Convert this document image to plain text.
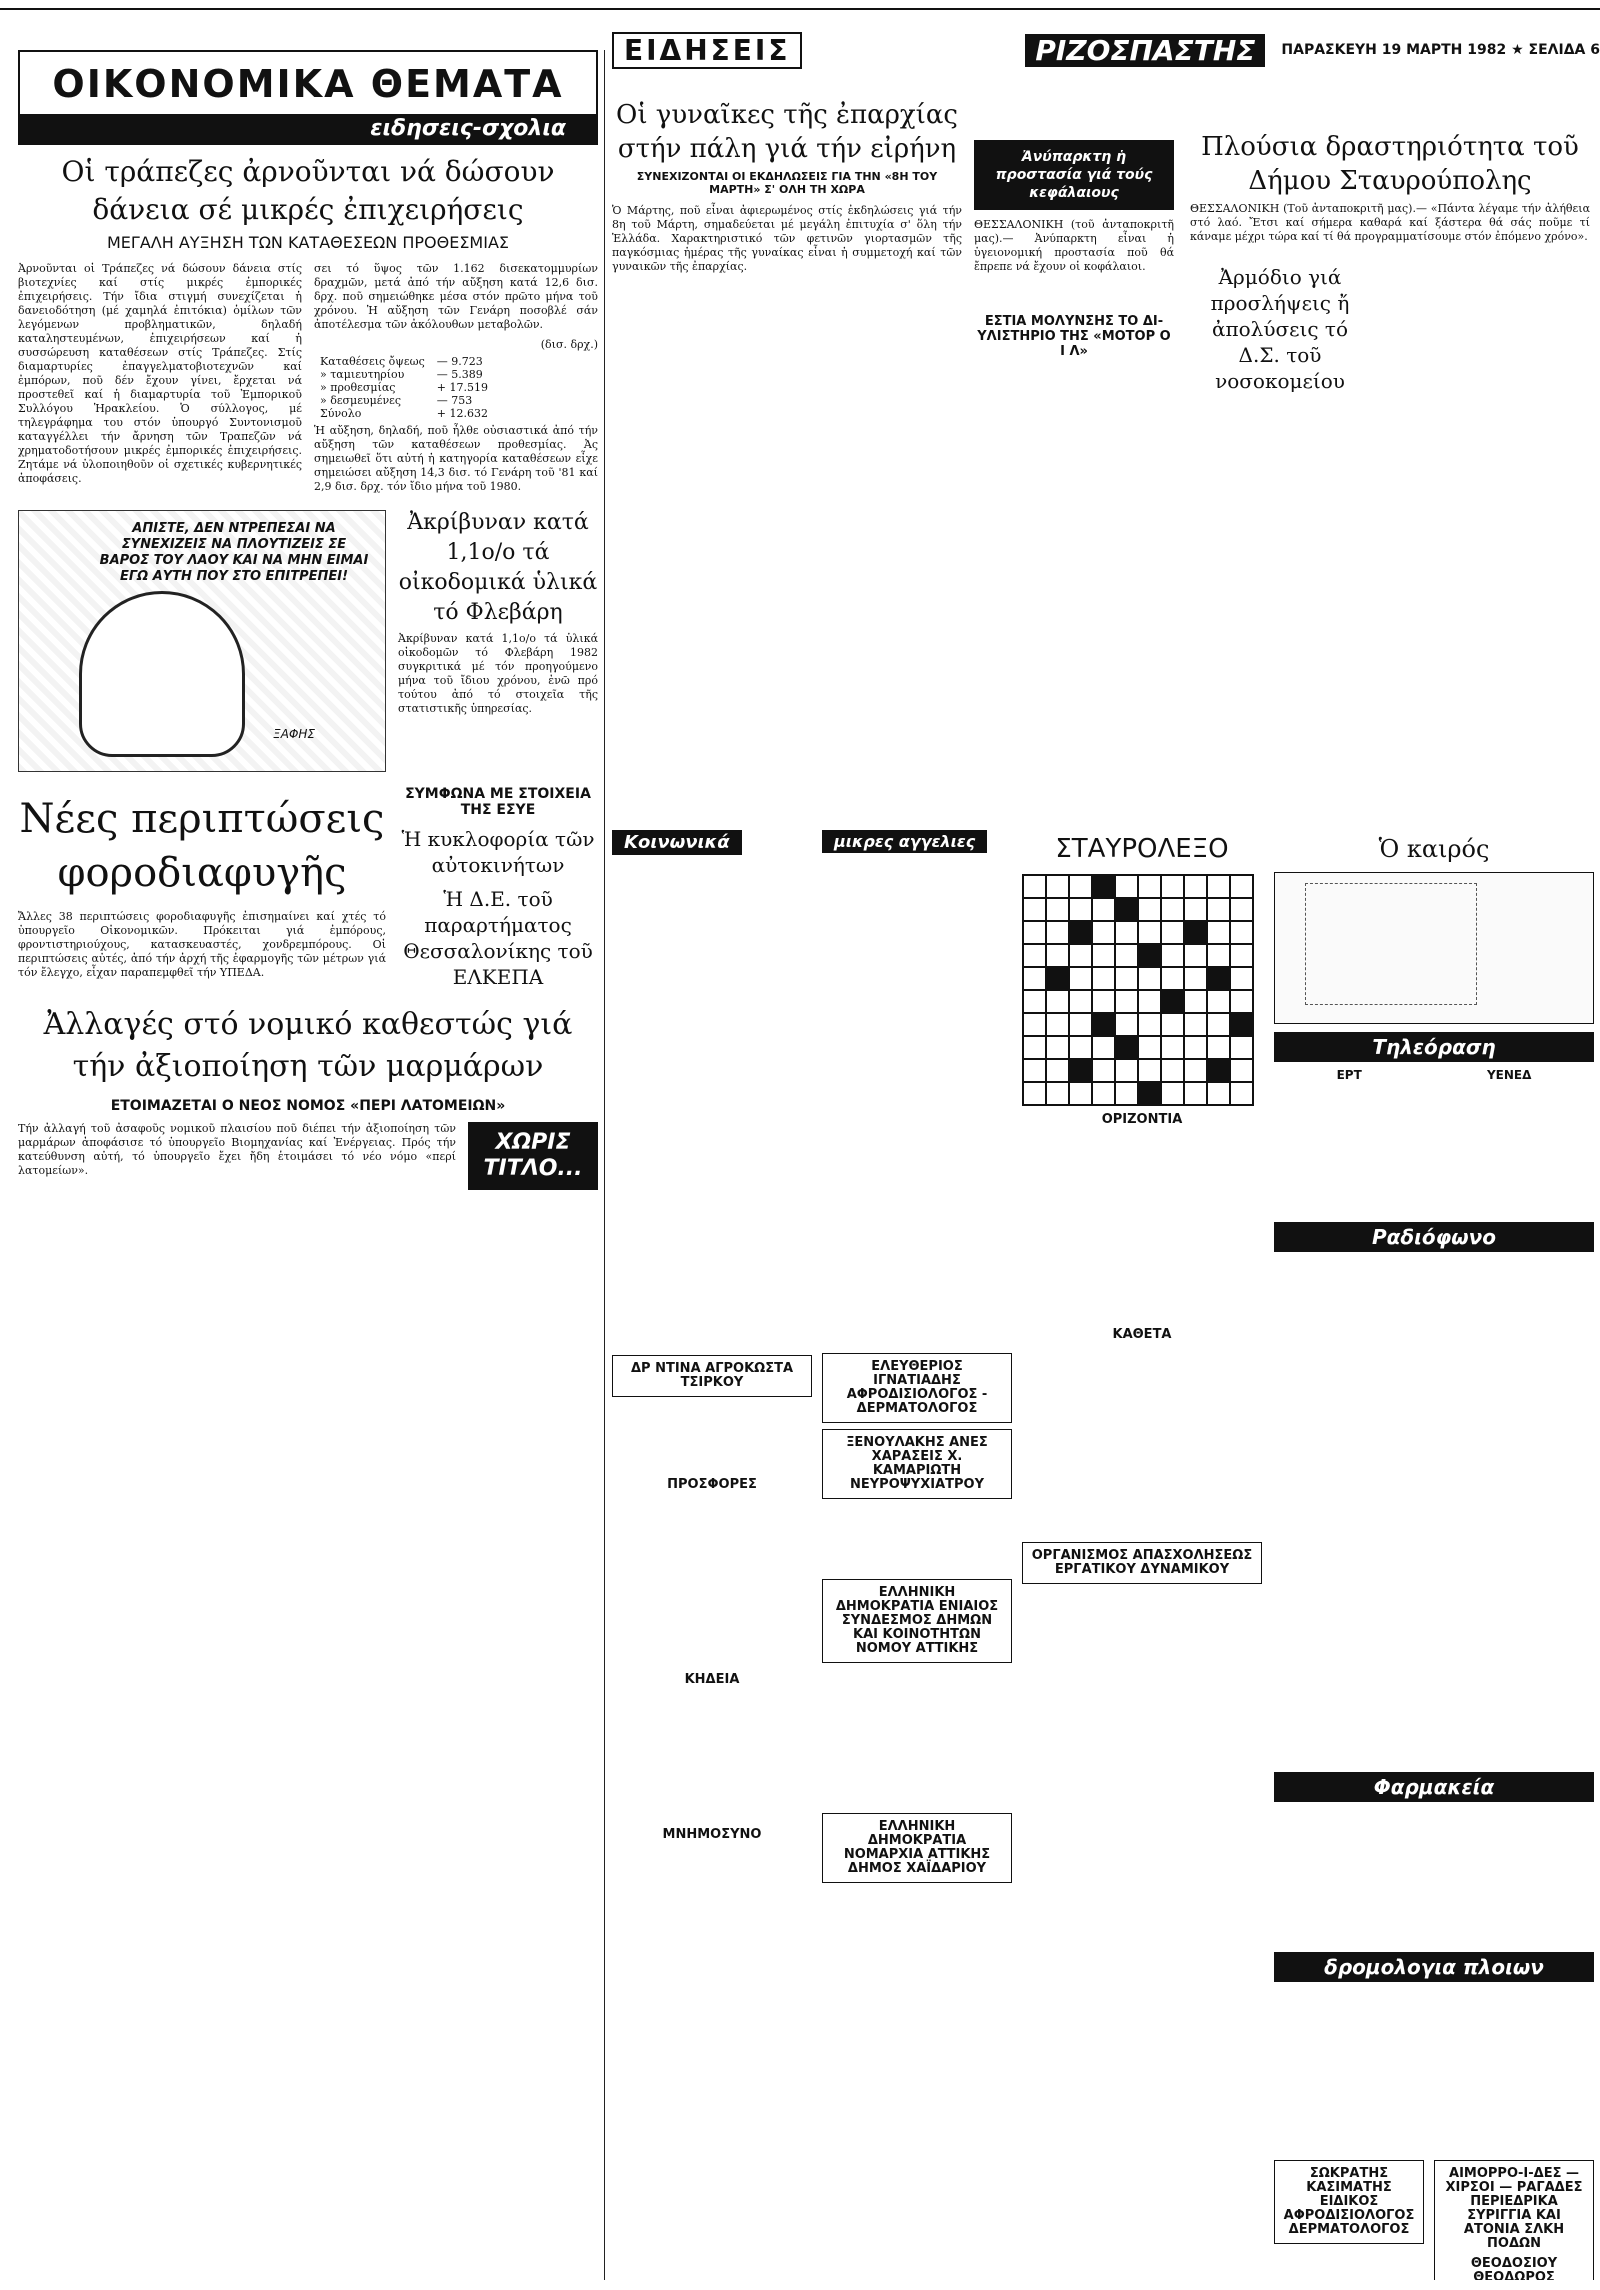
ΟΙΚΟΝΟΜΙΚΑ ΘΕΜΑΤΑ
ειδησεις-σχολια
Οἱ τράπεζες ἀρνοῦνται νά δώσουν δάνεια σέ μικρές ἐπιχειρήσεις
ΜΕΓΑΛΗ ΑΥΞΗΣΗ ΤΩΝ ΚΑΤΑΘΕΣΕΩΝ ΠΡΟΘΕΣΜΙΑΣ

Ἀρνοῦνται οἱ Τράπεζες νά δώσουν δάνεια στίς βιοτεχνίες καί στίς μικρές ἐμπορικές ἐπιχειρήσεις. Τήν ἴδια στιγμή συνεχίζεται ἡ δανειοδότηση (μέ χαμηλά ἐπιτόκια) ὁμίλων τῶν λεγόμενων προβληματικῶν, δηλαδή καταληστευμένων, ἐπιχειρήσεων καί ἡ συσσώρευση καταθέσεων στίς Τράπεζες. Στίς διαμαρτυρίες ἐπαγγελματοβιοτεχνῶν καί ἐμπόρων, ποῦ δέν ἔχουν γίνει, ἔρχεται νά προστεθεῖ καί ἡ διαμαρτυρία τοῦ Ἐμπορικοῦ Συλλόγου Ἡρακλείου. Ὁ σύλλογος, μέ τηλεγράφημα του στόν ὑπουργό Συντονισμοῦ καταγγέλλει τήν ἄρνηση τῶν Τραπεζῶν νά χρηματοδοτήσουν μικρές ἐμπορικές ἐπιχειρήσεις. Ζητάμε νά ὑλοποιηθοῦν οἱ σχετικές κυβερνητικές ἀποφάσεις.

σει τό ὕψος τῶν 1.162 δισεκατομμυρίων δραχμῶν, μετά ἀπό τήν αὔξηση κατά 12,6 δισ. δρχ. ποῦ σημειώθηκε μέσα στόν πρῶτο μήνα τοῦ χρόνου. Ἡ αὔξηση τῶν Γενάρη ποσοβλέ σάν ἀποτέλεσμα τῶν ἀκόλουθων μεταβολῶν.

(δισ. δρχ.)
Καταθέσεις ὄψεως	— 9.723
» ταμιευτηρίου	— 5.389
» προθεσμίας	+ 17.519
» δεσμευμένες	— 753
Σύνολο	+ 12.632

Ἡ αὔξηση, δηλαδή, ποῦ ἦλθε οὐσιαστικά ἀπό τήν αὔξηση τῶν καταθέσεων προθεσμίας. Ἀς σημειωθεῖ ὅτι αὐτή ἡ κατηγορία καταθέσεων εἶχε σημειώσει αὔξηση 14,3 δισ. τό Γενάρη τοῦ '81 καί 2,9 δισ. δρχ. τόν ἴδιο μήνα τοῦ 1980.

ΑΠΙΣΤΕ, ΔΕΝ ΝΤΡΕΠΕΣΑΙ ΝΑ ΣΥΝΕΧΙΖΕΙΣ ΝΑ ΠΛΟΥΤΙΖΕΙΣ ΣΕ ΒΑΡΟΣ ΤΟΥ ΛΑΟΥ ΚΑΙ ΝΑ ΜΗΝ ΕΙΜΑΙ ΕΓΩ ΑΥΤΗ ΠΟΥ ΣΤΟ ΕΠΙΤΡΕΠΕΙ!
ΞΑΦΗΣ
Ἀκρίβυναν κατά 1,1ο/ο τά οἰκοδομικά ὑλικά τό Φλεβάρη

Ἀκρίβυναν κατά 1,1ο/ο τά ὑλικά οἰκοδομῶν τό Φλεβάρη 1982 συγκριτικά μέ τόν προηγούμενο μήνα τοῦ ἴδιου χρόνου, ἐνῶ πρό τούτου ἀπό τό στοιχεῖα τῆς στατιστικῆς ὑπηρεσίας.

Νέες περιπτώσεις φοροδιαφυγῆς

Ἄλλες 38 περιπτώσεις φοροδιαφυγῆς ἐπισημαίνει καί χτές τό ὑπουργεῖο Οἰκονομικῶν. Πρόκειται γιά ἐμπόρους, φροντιστηριούχους, κατασκευαστές, χονδρεμπόρους. Οἱ περιπτώσεις αὐτές, ἀπό τήν ἀρχή τῆς ἐφαρμογῆς τῶν μέτρων γιά τόν ἔλεγχο, εἶχαν παραπεμφθεῖ τήν ΥΠΕΔΑ.

ΣΥΜΦΩΝΑ ΜΕ ΣΤΟΙΧΕΙΑ ΤΗΣ ΕΣΥΕ
Ἡ κυκλοφορία τῶν αὐτοκινήτων
Ἡ Δ.Ε. τοῦ παραρτήματος Θεσσαλονίκης τοῦ ΕΛΚΕΠΑ
Ἀλλαγές στό νομικό καθεστώς γιά τήν ἀξιοποίηση τῶν μαρμάρων
ΕΤΟΙΜΑΖΕΤΑΙ Ο ΝΕΟΣ ΝΟΜΟΣ «ΠΕΡΙ ΛΑΤΟΜΕΙΩΝ»

Τήν ἀλλαγή τοῦ ἀσαφοῦς νομικοῦ πλαισίου ποῦ διέπει τήν ἀξιοποίηση τῶν μαρμάρων ἀποφάσισε τό ὑπουργεῖο Βιομηχανίας καί Ἐνέργειας. Πρός τήν κατεύθυνση αὐτή, τό ὑπουργεῖο ἔχει ἤδη ἑτοιμάσει τό νέο νόμο «περί λατομείων».

ΧΩΡΙΣ ΤΙΤΛΟ...
ΕΙΔΗΣΕΙΣ	ΡΙΖΟΣΠΑΣΤΗΣ	ΠΑΡΑΣΚΕΥΗ 19 ΜΑΡΤΗ 1982 ★ ΣΕΛΙΔΑ 6
Οἱ γυναῖκες τῆς ἐπαρχίας στήν πάλη γιά τήν εἰρήνη
ΣΥΝΕΧΙΖΟΝΤΑΙ ΟΙ ΕΚΔΗΛΩΣΕΙΣ ΓΙΑ ΤΗΝ «8Η ΤΟΥ ΜΑΡΤΗ» Σ' ΟΛΗ ΤΗ ΧΩΡΑ

Ὁ Μάρτης, ποῦ εἶναι ἀφιερωμένος στίς ἐκδηλώσεις γιά τήν 8η τοῦ Μάρτη, σημαδεύεται μέ μεγάλη ἐπιτυχία σ' ὅλη τήν Ἑλλάδα. Χαρακτηριστικό τῶν φετινῶν γιορτασμῶν τῆς παγκόσμιας ἡμέρας τῆς γυναίκας εἶναι ἡ συμμετοχή καί τῶν γυναικῶν τῆς ἐπαρχίας.

Ἀνύπαρκτη ἡ προστασία γιά τούς κεφάλαιους

ΘΕΣΣΑΛΟΝΙΚΗ (τοῦ ἀνταποκριτῆ μας).— Ἀνύπαρκτη εἶναι ἡ ὑγειονομική προστασία ποῦ θά ἔπρεπε νά ἔχουν οἱ κοφάλαιοι.

ΕΣΤΙΑ ΜΟΛΥΝΣΗΣ ΤΟ ΔΙ-ΥΛΙΣΤΗΡΙΟ ΤΗΣ «ΜΟΤΟΡ Ο Ι Λ»
Πλούσια δραστηριότητα τοῦ Δήμου Σταυρούπολης

ΘΕΣΣΑΛΟΝΙΚΗ (Τοῦ ἀνταποκριτῆ μας).— «Πάντα λέγαμε τήν ἀλήθεια στό λαό. Ἔτσι καί σήμερα καθαρά καί ξάστερα θά σάς ποῦμε τί κάναμε μέχρι τώρα καί τί θά προγραμματίσουμε στόν ἐπόμενο χρόνο».

Ἀρμόδιο γιά προσλήψεις ἤ ἀπολύσεις τό Δ.Σ. τοῦ νοσοκομείου
Κοινωνικά
ΔΡ ΝΤΙΝΑ ΑΓΡΟΚΩΣΤΑ ΤΣΙΡΚΟΥ
ΠΡΟΣΦΟΡΕΣ
ΚΗΔΕΙΑ
ΜΝΗΜΟΣΥΝΟ
μικρες αγγελιες
ΕΛΕΥΘΕΡΙΟΣ ΙΓΝΑΤΙΑΔΗΣ ΑΦΡΟΔΙΣΙΟΛΟΓΟΣ - ΔΕΡΜΑΤΟΛΟΓΟΣ
ΞΕΝΟΥΛΑΚΗΣ ΑΝΕΣ ΧΑΡΑΣΕΙΣ Χ. ΚΑΜΑΡΙΩΤΗ ΝΕΥΡΟΨΥΧΙΑΤΡΟΥ
ΕΛΛΗΝΙΚΗ ΔΗΜΟΚΡΑΤΙΑ ΕΝΙΑΙΟΣ ΣΥΝΔΕΣΜΟΣ ΔΗΜΩΝ ΚΑΙ ΚΟΙΝΟΤΗΤΩΝ ΝΟΜΟΥ ΑΤΤΙΚΗΣ
ΕΛΛΗΝΙΚΗ ΔΗΜΟΚΡΑΤΙΑ ΝΟΜΑΡΧΙΑ ΑΤΤΙΚΗΣ ΔΗΜΟΣ ΧΑΪΔΑΡΙΟΥ
ΣΤΑΥΡΟΛΕΞΟ
ΟΡΙΖΟΝΤΙΑ
ΚΑΘΕΤΑ
ΟΡΓΑΝΙΣΜΟΣ ΑΠΑΣΧΟΛΗΣΕΩΣ ΕΡΓΑΤΙΚΟΥ ΔΥΝΑΜΙΚΟΥ
Ὁ καιρός
Τηλεόραση
ΕΡΤ	ΥΕΝΕΔ
Ραδιόφωνο
Φαρμακεία
δρομολογια πλοιων
ΣΩΚΡΑΤΗΣ ΚΑΣΙΜΑΤΗΣ ΕΙΔΙΚΟΣ ΑΦΡΟΔΙΣΙΟΛΟΓΟΣ ΔΕΡΜΑΤΟΛΟΓΟΣ
ΑΙΜΟΡΡΟ-Ι-ΔΕΣ — ΧΙΡΣΟΙ — ΡΑΓΑΔΕΣ ΠΕΡΙΕΔΡΙΚΑ ΣΥΡΙΓΓΙΑ ΚΑΙ ΑΤΟΝΙΑ ΣΛΚΗ ΠΟΔΩΝ
ΘΕΟΔΟΣΙΟΥ ΘΕΟΔΩΡΟΣ
